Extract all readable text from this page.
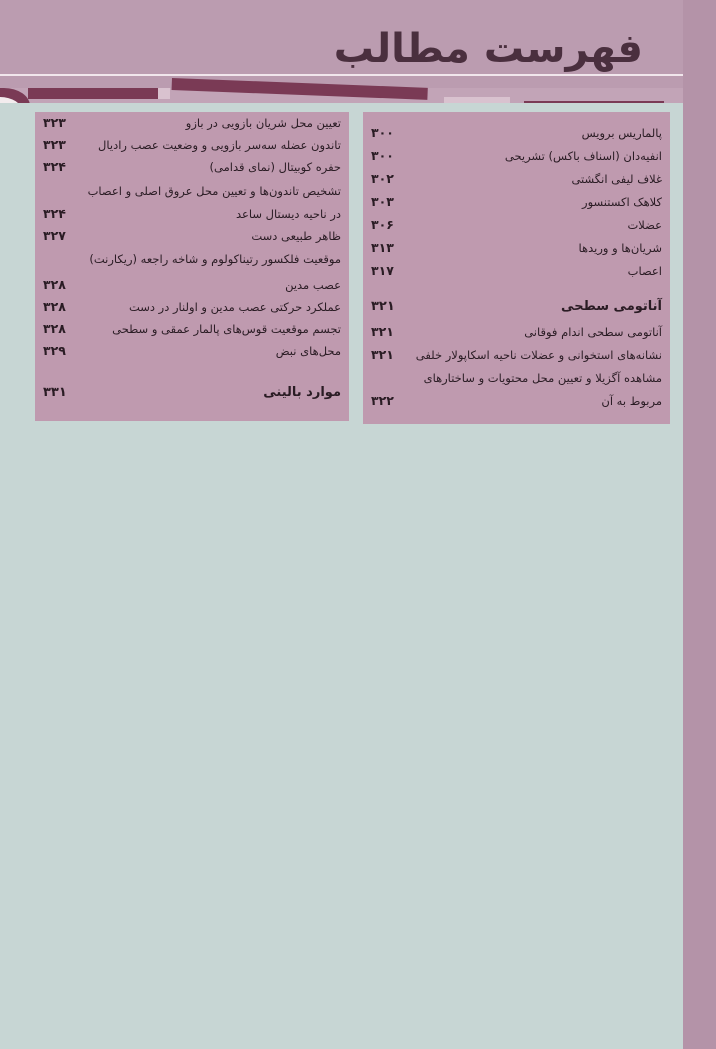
فهرست مطالب
پالماریس برویس
۳۰۰
انفیه‌دان (اسناف باکس) تشریحی
۳۰۰
غلاف لیفی انگشتی
۳۰۲
کلاهک اکستنسور
۳۰۳
عضلات
۳۰۶
شریان‌ها و وریدها
۳۱۳
اعصاب
۳۱۷
آناتومی سطحی
۳۲۱
آناتومی سطحی اندام فوقانی
۳۲۱
نشانه‌های استخوانی و عضلات ناحیه اسکاپولار خلفی
۳۲۱
مشاهده آگزیلا و تعیین محل محتویات و ساختارهای
مربوط به آن
۳۲۲
تعیین محل شریان بازویی در بازو
۳۲۳
تاندون عضله سه‌سر بازویی و وضعیت عصب رادیال
۳۲۳
حفره کوبیتال (نمای قدامی)
۳۲۴
تشخیص تاندون‌ها و تعیین محل عروق اصلی و اعصاب
در ناحیه دیستال ساعد
۳۲۴
ظاهر طبیعی دست
۳۲۷
موقعیت فلکسور رتیناکولوم و شاخه راجعه (ریکارنت)
عصب مدین
۳۲۸
عملکرد حرکتی عصب مدین و اولنار در دست
۳۲۸
تجسم موقعیت قوس‌های پالمار عمقی و سطحی
۳۲۸
محل‌های نبض
۳۲۹
موارد بالینی
۳۳۱
